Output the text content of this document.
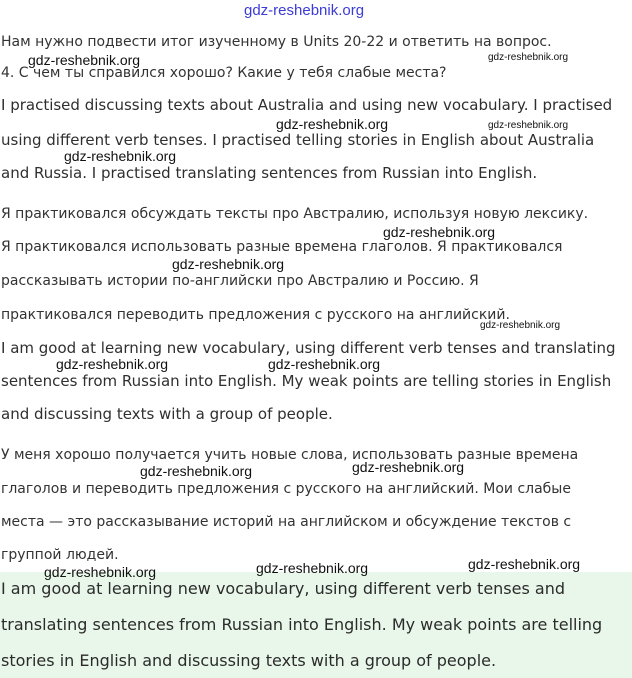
gdz-reshebnik.org
Нам нужно подвести итог изученному в Units 20-22 и ответить на вопрос.
4. С чем ты справился хорошо? Какие у тебя слабые места?
I practised discussing texts about Australia and using new vocabulary. I practised
using different verb tenses. I practised telling stories in English about Australia
and Russia. I practised translating sentences from Russian into English.
Я практиковался обсуждать тексты про Австралию, используя новую лексику.
Я практиковался использовать разные времена глаголов. Я практиковался
рассказывать истории по-английски про Австралию и Россию. Я
практиковался переводить предложения с русского на английский.
I am good at learning new vocabulary, using different verb tenses and translating
sentences from Russian into English. My weak points are telling stories in English
and discussing texts with a group of people.
У меня хорошо получается учить новые слова, использовать разные времена
глаголов и переводить предложения с русского на английский. Мои слабые
места — это рассказывание историй на английском и обсуждение текстов с
группой людей.
I am good at learning new vocabulary, using different verb tenses and
translating sentences from Russian into English. My weak points are telling
stories in English and discussing texts with a group of people.
gdz-reshebnik.org	gdz-reshebnik.org
gdz-reshebnik.org	gdz-reshebnik.org
gdz-reshebnik.org
gdz-reshebnik.org
gdz-reshebnik.org
gdz-reshebnik.org
gdz-reshebnik.org	gdz-reshebnik.org
gdz-reshebnik.org	gdz-reshebnik.org
gdz-reshebnik.org	gdz-reshebnik.org	gdz-reshebnik.org
